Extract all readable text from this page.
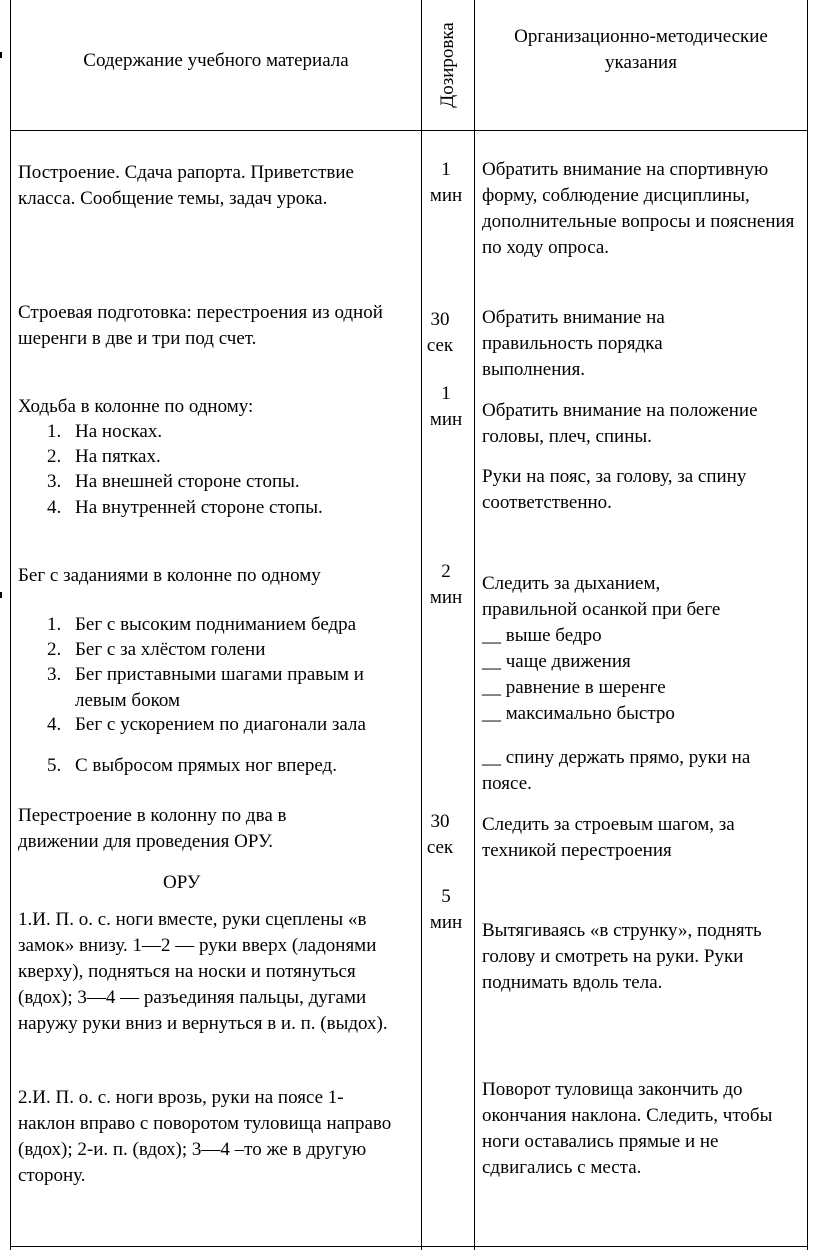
Содержание учебного материала	Дозировка	Организационно-методические
указания
Построение. Сдача рапорта. Приветствие класса. Сообщение темы, задач урока.
Строевая подготовка: перестроения из одной шеренги в две и три под счет.
Ходьба в колонне по одному:
1. На носках.
2. На пятках.
3. На внешней стороне стопы.
4. На внутренней стороне стопы.
Бег с заданиями в колонне по одному
1. Бег с высоким подниманием бедра
2. Бег с за хлёстом голени
3. Бег приставными шагами правым и левым боком
4. Бег с ускорением по диагонали зала
5. С выбросом прямых ног вперед.
Перестроение в колонну по два в движении для проведения ОРУ.
ОРУ
1.И. П. о. с. ноги вместе, руки сцеплены «в замок» внизу. 1—2 — руки вверх (ладонями кверху), подняться на носки и потянуться (вдох); 3—4 — разъединяя пальцы, дугами наружу руки вниз и вернуться в и. п. (выдох).
2.И. П. о. с. ноги врозь, руки на поясе 1- наклон вправо с поворотом туловища направо (вдох); 2-и. п. (вдох); 3—4 –то же в другую сторону.
1 мин
30 сек
1 мин
2 мин
30 сек
5 мин
Обратить внимание на спортивную форму, соблюдение дисциплины, дополнительные вопросы и пояснения по ходу опроса.
Обратить внимание на правильность порядка выполнения.
Обратить внимание на положение головы, плеч, спины.
Руки на пояс, за голову, за спину соответственно.
Следить за дыханием,
правильной осанкой при беге
__ выше бедро
__ чаще движения
__ равнение в шеренге
__ максимально быстро
__ спину держать прямо, руки на поясе.
Следить за строевым шагом, за техникой перестроения
Вытягиваясь «в струнку», поднять голову и смотреть на руки. Руки поднимать вдоль тела.
Поворот туловища закончить до окончания наклона. Следить, чтобы ноги оставались прямые и не сдвигались с места.
